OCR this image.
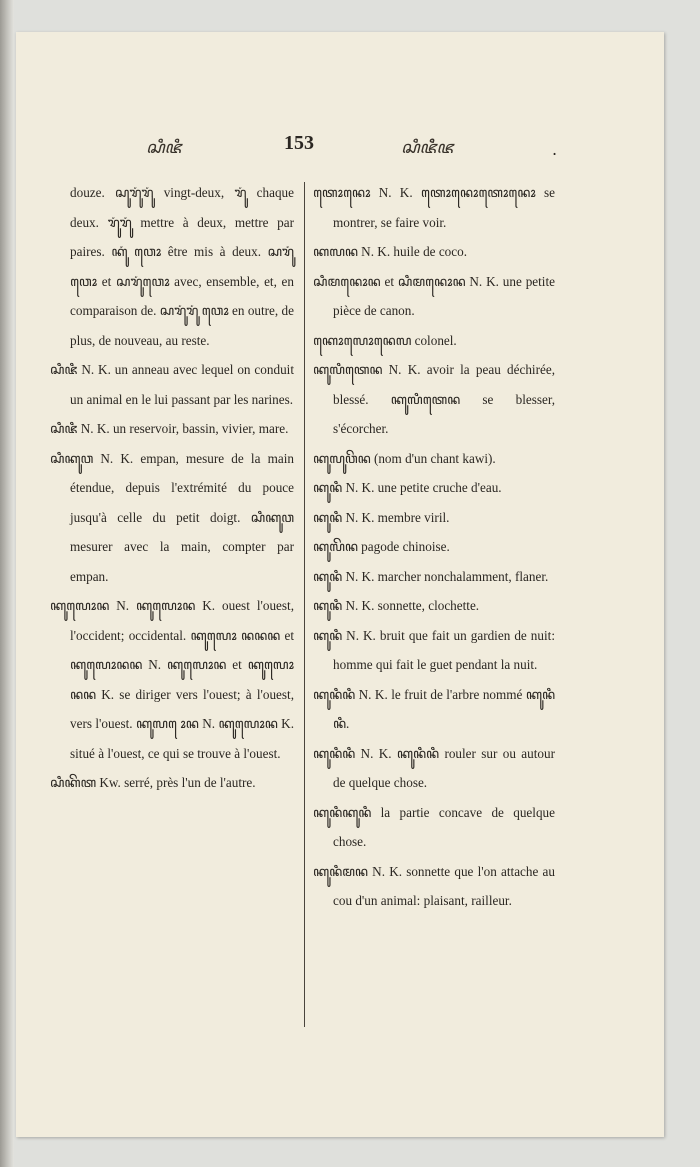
ꦱꦶꦗꦶ	153	ꦱꦶꦗꦶꦶꦗ	.

douze. ꦱꦸꦫꦸꦁꦫꦸꦁ vingt-deux, ꦫꦸꦁ chaque deux. ꦫꦸꦁꦫꦸꦁ mettre à deux, mettre par paires. ꦏꦸꦁ ꦮꦺꦴ être mis à deux. ꦱꦫꦸꦁꦮꦺꦴ et ꦱꦫꦸꦁꦮꦺꦴ avec, ensemble, et, en comparaison de. ꦱꦫꦸꦁꦫꦸꦁ ꦮꦺꦴ en outre, de plus, de nouveau, au reste.

ꦱꦶꦗꦶ N. K. un anneau avec lequel on conduit un animal en le lui passant par les narines.

ꦱꦶꦗꦶ N. K. un reservoir, bassin, vivier, mare.

ꦱꦶꦏꦸꦮ N. K. empan, mesure de la main étendue, depuis l'extrémité du pouce jusqu'à celle du petit doigt. ꦱꦶꦏꦸꦮ mesurer avec la main, compter par empan.

ꦏꦸꦭꦺꦴꦤ N. ꦏꦸꦭꦺꦴꦤ K. ouest l'ouest, l'occident; occidental. ꦏꦸꦭꦺꦴ ꦤꦤꦤ et ꦏꦸꦭꦺꦴꦤꦤ N. ꦏꦸꦭꦺꦴꦤ et ꦏꦸꦭꦺꦴꦤꦤ K. se diriger vers l'ouest; à l'ouest, vers l'ouest. ꦏꦸꦭ ꦺꦴꦤ N. ꦏꦸꦭꦺꦴꦤ K. situé à l'ouest, ce qui se trouve à l'ouest.

ꦱꦶꦏꦼꦠ Kw. serré, près l'un de l'autre.

ꦠꦺꦴꦤꦺꦴ N. K. ꦠꦺꦴꦤꦺꦴꦠꦺꦴꦤꦺꦴ se montrer, se faire voir.

ꦏꦭꦤ N. K. huile de coco.

ꦱꦶꦩꦤꦺꦴꦤ et ꦱꦶꦩꦤꦺꦴꦤ N. K. une petite pièce de canon.

ꦏꦺꦴꦭꦺꦴꦤꦺꦭ colonel.

ꦏꦸꦭꦶꦠꦺꦤ N. K. avoir la peau déchirée, blessé. ꦏꦸꦭꦶꦠꦺꦤ se blesser, s'écorcher.

ꦏꦸꦭꦸꦮꦼꦤ (nom d'un chant kawi).

ꦏꦸꦤꦶ N. K. une petite cruche d'eau.

ꦏꦸꦤꦶ N. K. membre viril.

ꦏꦸꦭꦼꦤ pagode chinoise.

ꦏꦸꦤꦶ N. K. marcher nonchalamment, flaner.

ꦏꦸꦤꦶ N. K. sonnette, clochette.

ꦏꦸꦤꦶ N. K. bruit que fait un gardien de nuit: homme qui fait le guet pendant la nuit.

ꦏꦸꦤꦶꦤꦶ N. K. le fruit de l'arbre nommé ꦏꦸꦤꦶꦤꦶ.

ꦏꦸꦤꦶꦤꦶ N. K. ꦏꦸꦤꦶꦤꦶ rouler sur ou autour de quelque chose.

ꦏꦸꦤꦶꦏꦸꦤꦶ la partie concave de quelque chose.

ꦏꦸꦤꦶꦩꦤ N. K. sonnette que l'on attache au cou d'un animal: plaisant, railleur.
